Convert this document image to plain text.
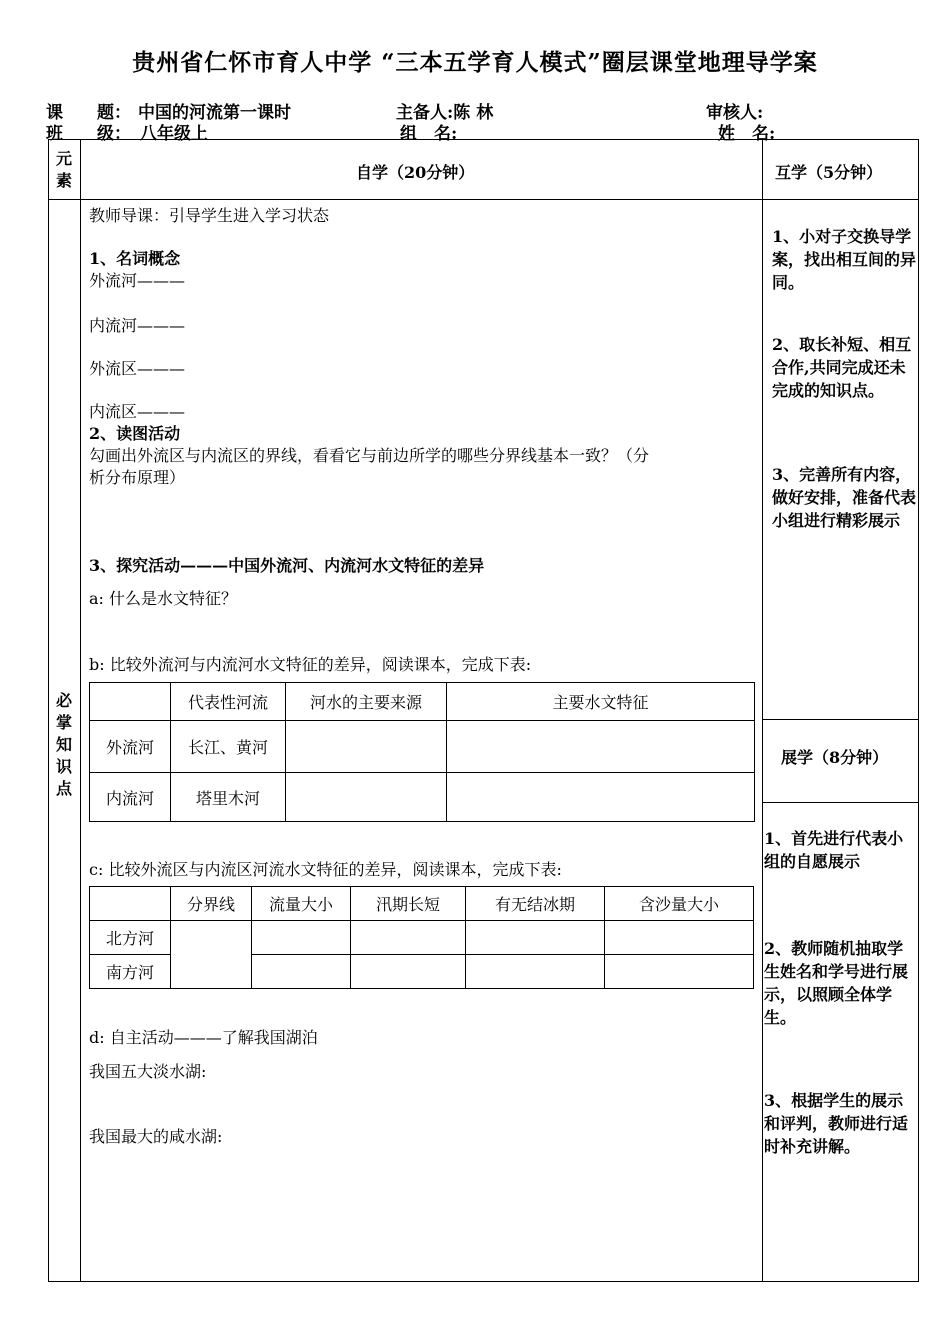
贵州省仁怀市育人中学 “三本五学育人模式”圈层课堂地理导学案
课　　题： 中国的河流第一课时	主备人:陈 林	审核人:
班　　级： 八年级上	组　名:	姓　名:
元素	自学（20分钟）	互学（5分钟）
必掌知识点
教师导课：引导学生进入学习状态
1、名词概念
外流河———
内流河———
外流区———
内流区———
2、读图活动
勾画出外流区与内流区的界线，看看它与前边所学的哪些分界线基本一致？（分
析分布原理）
3、探究活动———中国外流河、内流河水文特征的差异
a: 什么是水文特征？
b: 比较外流河与内流河水文特征的差异，阅读课本，完成下表:
	代表性河流	河水的主要来源	主要水文特征
外流河	长江、黄河		
内流河	塔里木河		
c: 比较外流区与内流区河流水文特征的差异，阅读课本，完成下表:
	分界线	流量大小	汛期长短	有无结冰期	含沙量大小
北方河					
南方河					
d: 自主活动———了解我国湖泊
我国五大淡水湖:
我国最大的咸水湖:
1、小对子交换导学案，找出相互间的异同。
2、取长补短、相互合作,共同完成还未完成的知识点。
3、完善所有内容，做好安排，准备代表小组进行精彩展示
展学（8分钟）
1、首先进行代表小组的自愿展示
2、教师随机抽取学生姓名和学号进行展示，以照顾全体学生。
3、根据学生的展示和评判，教师进行适时补充讲解。
